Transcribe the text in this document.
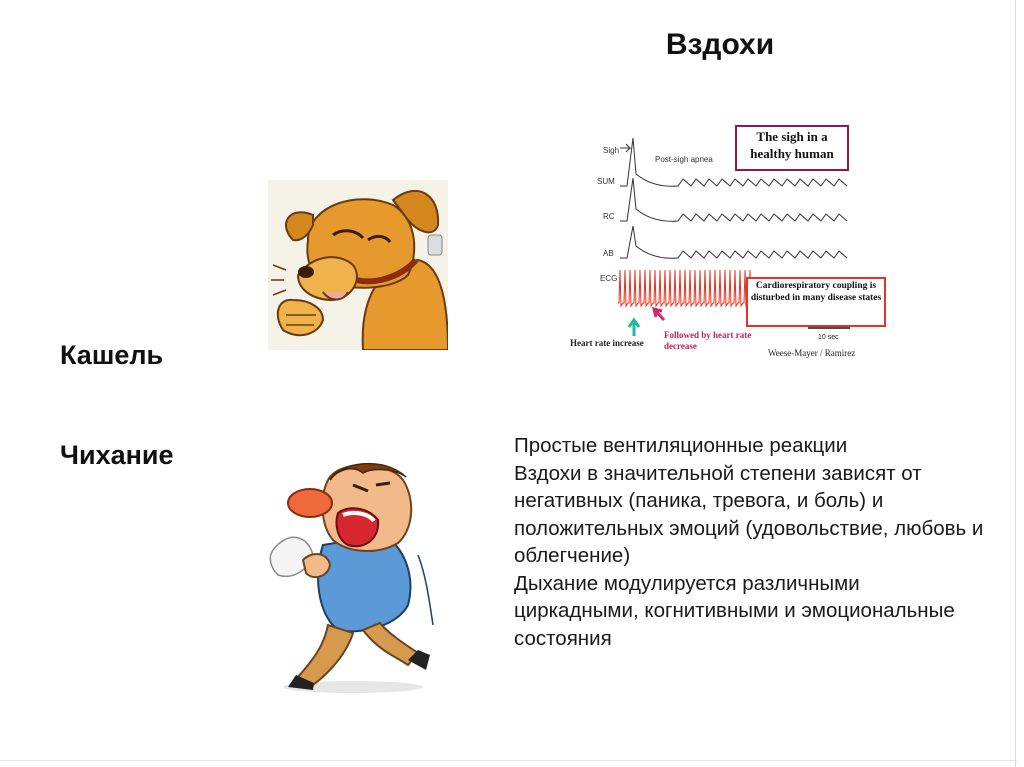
Вздохи
Кашель
Чихание
Sigh
SUM
RC
AB
ECG
Post-sigh apnea
The sigh in a healthy human
Cardiorespiratory coupling is disturbed in many disease states
Heart rate increase
Followed by heart rate decrease
10 sec
Weese-Mayer / Ramirez

Простые вентиляционные реакции

Вздохи в значительной степени зависят от негативных (паника, тревога, и боль) и положительных эмоций (удовольствие, любовь и облегчение)

Дыхание модулируется различными циркадными, когнитивными и эмоциональные состояния
